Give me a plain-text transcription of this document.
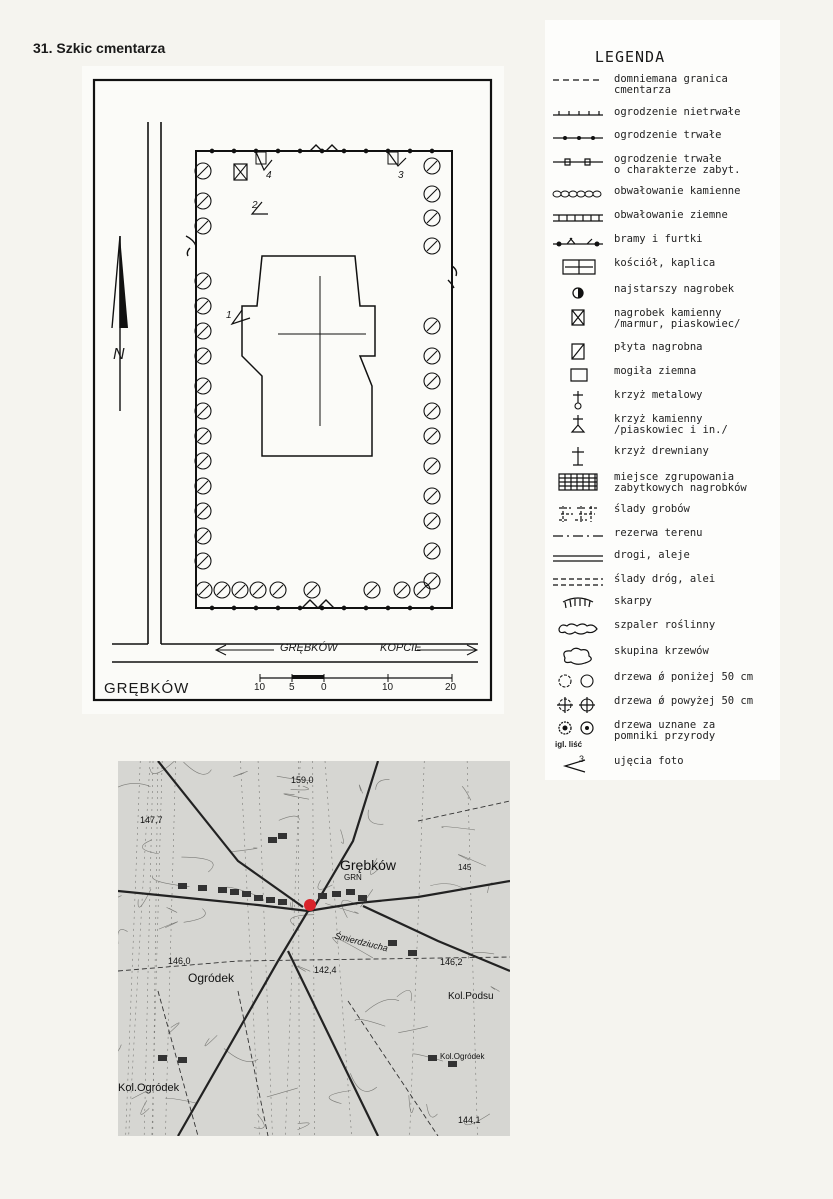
31. Szkic cmentarza
GRĘBKÓW
GRĘBKÓW	KOPCIE
N
10 5	0	10	20
1
2
3
4
LEGENDA
domniemana granica
cmentarza
ogrodzenie nietrwałe
ogrodzenie trwałe
ogrodzenie trwałe
o charakterze zabyt.
obwałowanie kamienne
obwałowanie ziemne
bramy i furtki
kościół, kaplica
najstarszy nagrobek
nagrobek kamienny
/marmur, piaskowiec/
płyta nagrobna
mogiła ziemna
krzyż metalowy
krzyż kamienny
/piaskowiec i in./
krzyż drewniany
miejsce zgrupowania
zabytkowych nagrobków
ślady grobów
rezerwa terenu
drogi, aleje
ślady dróg, alei
skarpy
szpaler roślinny
skupina krzewów
drzewa ǿ poniżej 50 cm
drzewa ǿ powyżej 50 cm
drzewa uznane za
pomniki przyrody
igl. liść
ujęcia foto
3
Grębków
GRN
Śmierdziucha
Ogródek
Kol.Ogródek
Kol.Ogródek
Kol.Podsu
159,0
147,7
146,0
142,4
146,2
144,1
145
